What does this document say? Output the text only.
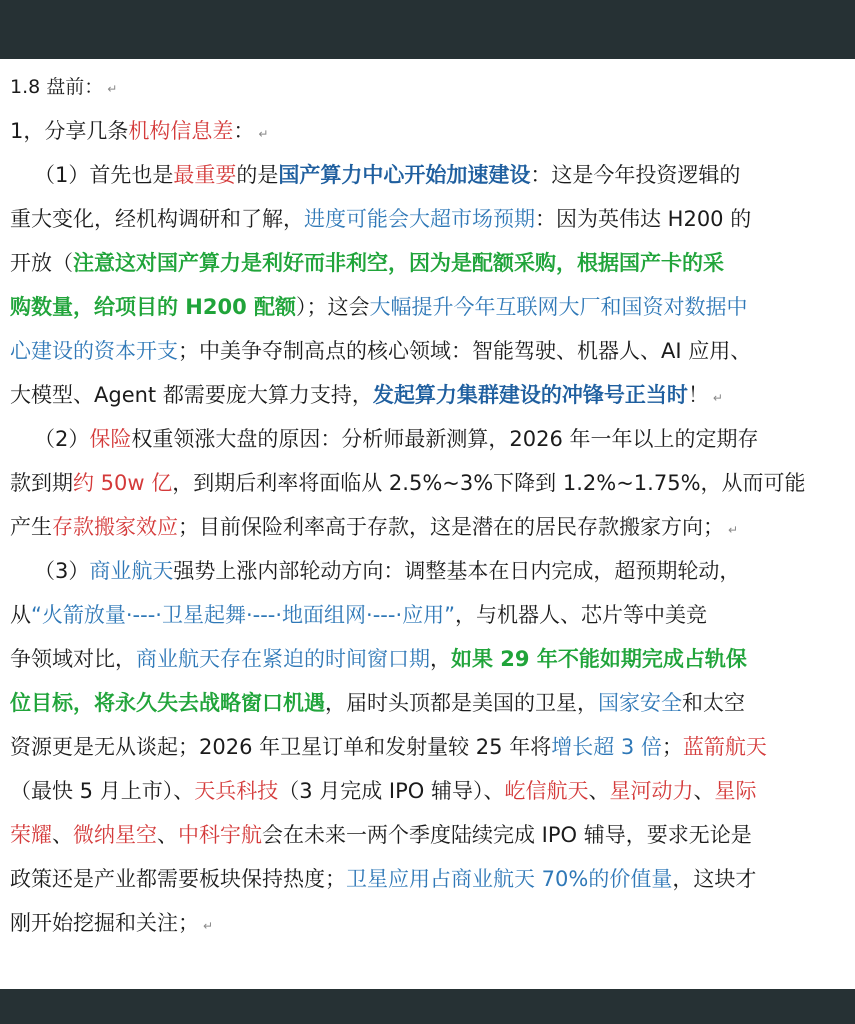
1.8 盘前： ↵
1，分享几条机构信息差： ↵
（1）首先也是最重要的是国产算力中心开始加速建设：这是今年投资逻辑的
重大变化，经机构调研和了解，进度可能会大超市场预期：因为英伟达 H200 的
开放（注意这对国产算力是利好而非利空，因为是配额采购，根据国产卡的采
购数量，给项目的 H200 配额）；这会大幅提升今年互联网大厂和国资对数据中
心建设的资本开支；中美争夺制高点的核心领域：智能驾驶、机器人、AI 应用、
大模型、Agent 都需要庞大算力支持，发起算力集群建设的冲锋号正当时！ ↵
（2）保险权重领涨大盘的原因：分析师最新测算，2026 年一年以上的定期存
款到期约 50w 亿，到期后利率将面临从 2.5%~3%下降到 1.2%~1.75%，从而可能
产生存款搬家效应；目前保险利率高于存款，这是潜在的居民存款搬家方向； ↵
（3）商业航天强势上涨内部轮动方向：调整基本在日内完成，超预期轮动，
从“火箭放量·---·卫星起舞·---·地面组网·---·应用”，与机器人、芯片等中美竞
争领域对比，商业航天存在紧迫的时间窗口期，如果 29 年不能如期完成占轨保
位目标，将永久失去战略窗口机遇，届时头顶都是美国的卫星，国家安全和太空
资源更是无从谈起；2026 年卫星订单和发射量较 25 年将增长超 3 倍；蓝箭航天
（最快 5 月上市）、天兵科技（3 月完成 IPO 辅导）、屹信航天、星河动力、星际
荣耀、微纳星空、中科宇航会在未来一两个季度陆续完成 IPO 辅导，要求无论是
政策还是产业都需要板块保持热度；卫星应用占商业航天 70%的价值量，这块才
刚开始挖掘和关注； ↵
